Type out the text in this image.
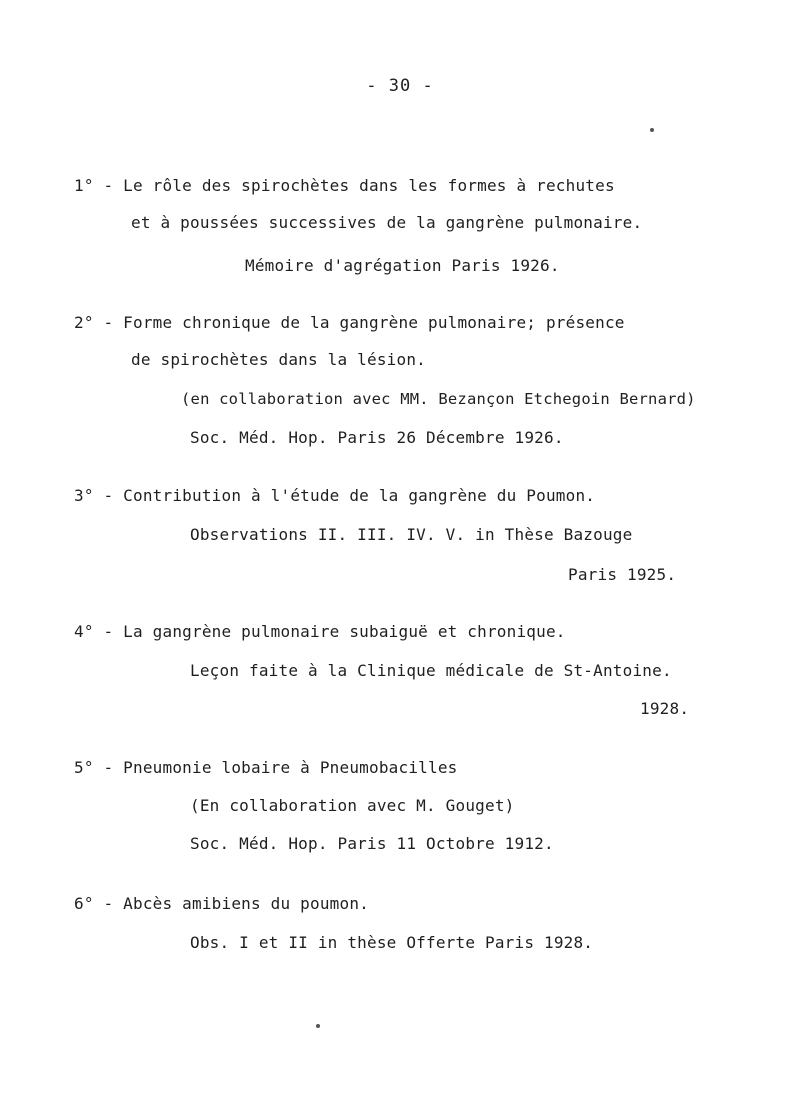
- 30 -
1° - Le rôle des spirochètes dans les formes à rechutes
et à poussées successives de la gangrène pulmonaire.
Mémoire d'agrégation Paris 1926.
2° - Forme chronique de la gangrène pulmonaire; présence
de spirochètes dans la lésion.
(en collaboration avec MM. Bezançon Etchegoin Bernard)
Soc. Méd. Hop. Paris 26 Décembre 1926.
3° - Contribution à l'étude de la gangrène du Poumon.
Observations II. III. IV. V. in Thèse Bazouge
Paris 1925.
4° - La gangrène pulmonaire subaiguë et chronique.
Leçon faite à la Clinique médicale de St-Antoine.
1928.
5° - Pneumonie lobaire à Pneumobacilles
(En collaboration avec M. Gouget)
Soc. Méd. Hop. Paris 11 Octobre 1912.
6° - Abcès amibiens du poumon.
Obs. I et II in thèse Offerte Paris 1928.
